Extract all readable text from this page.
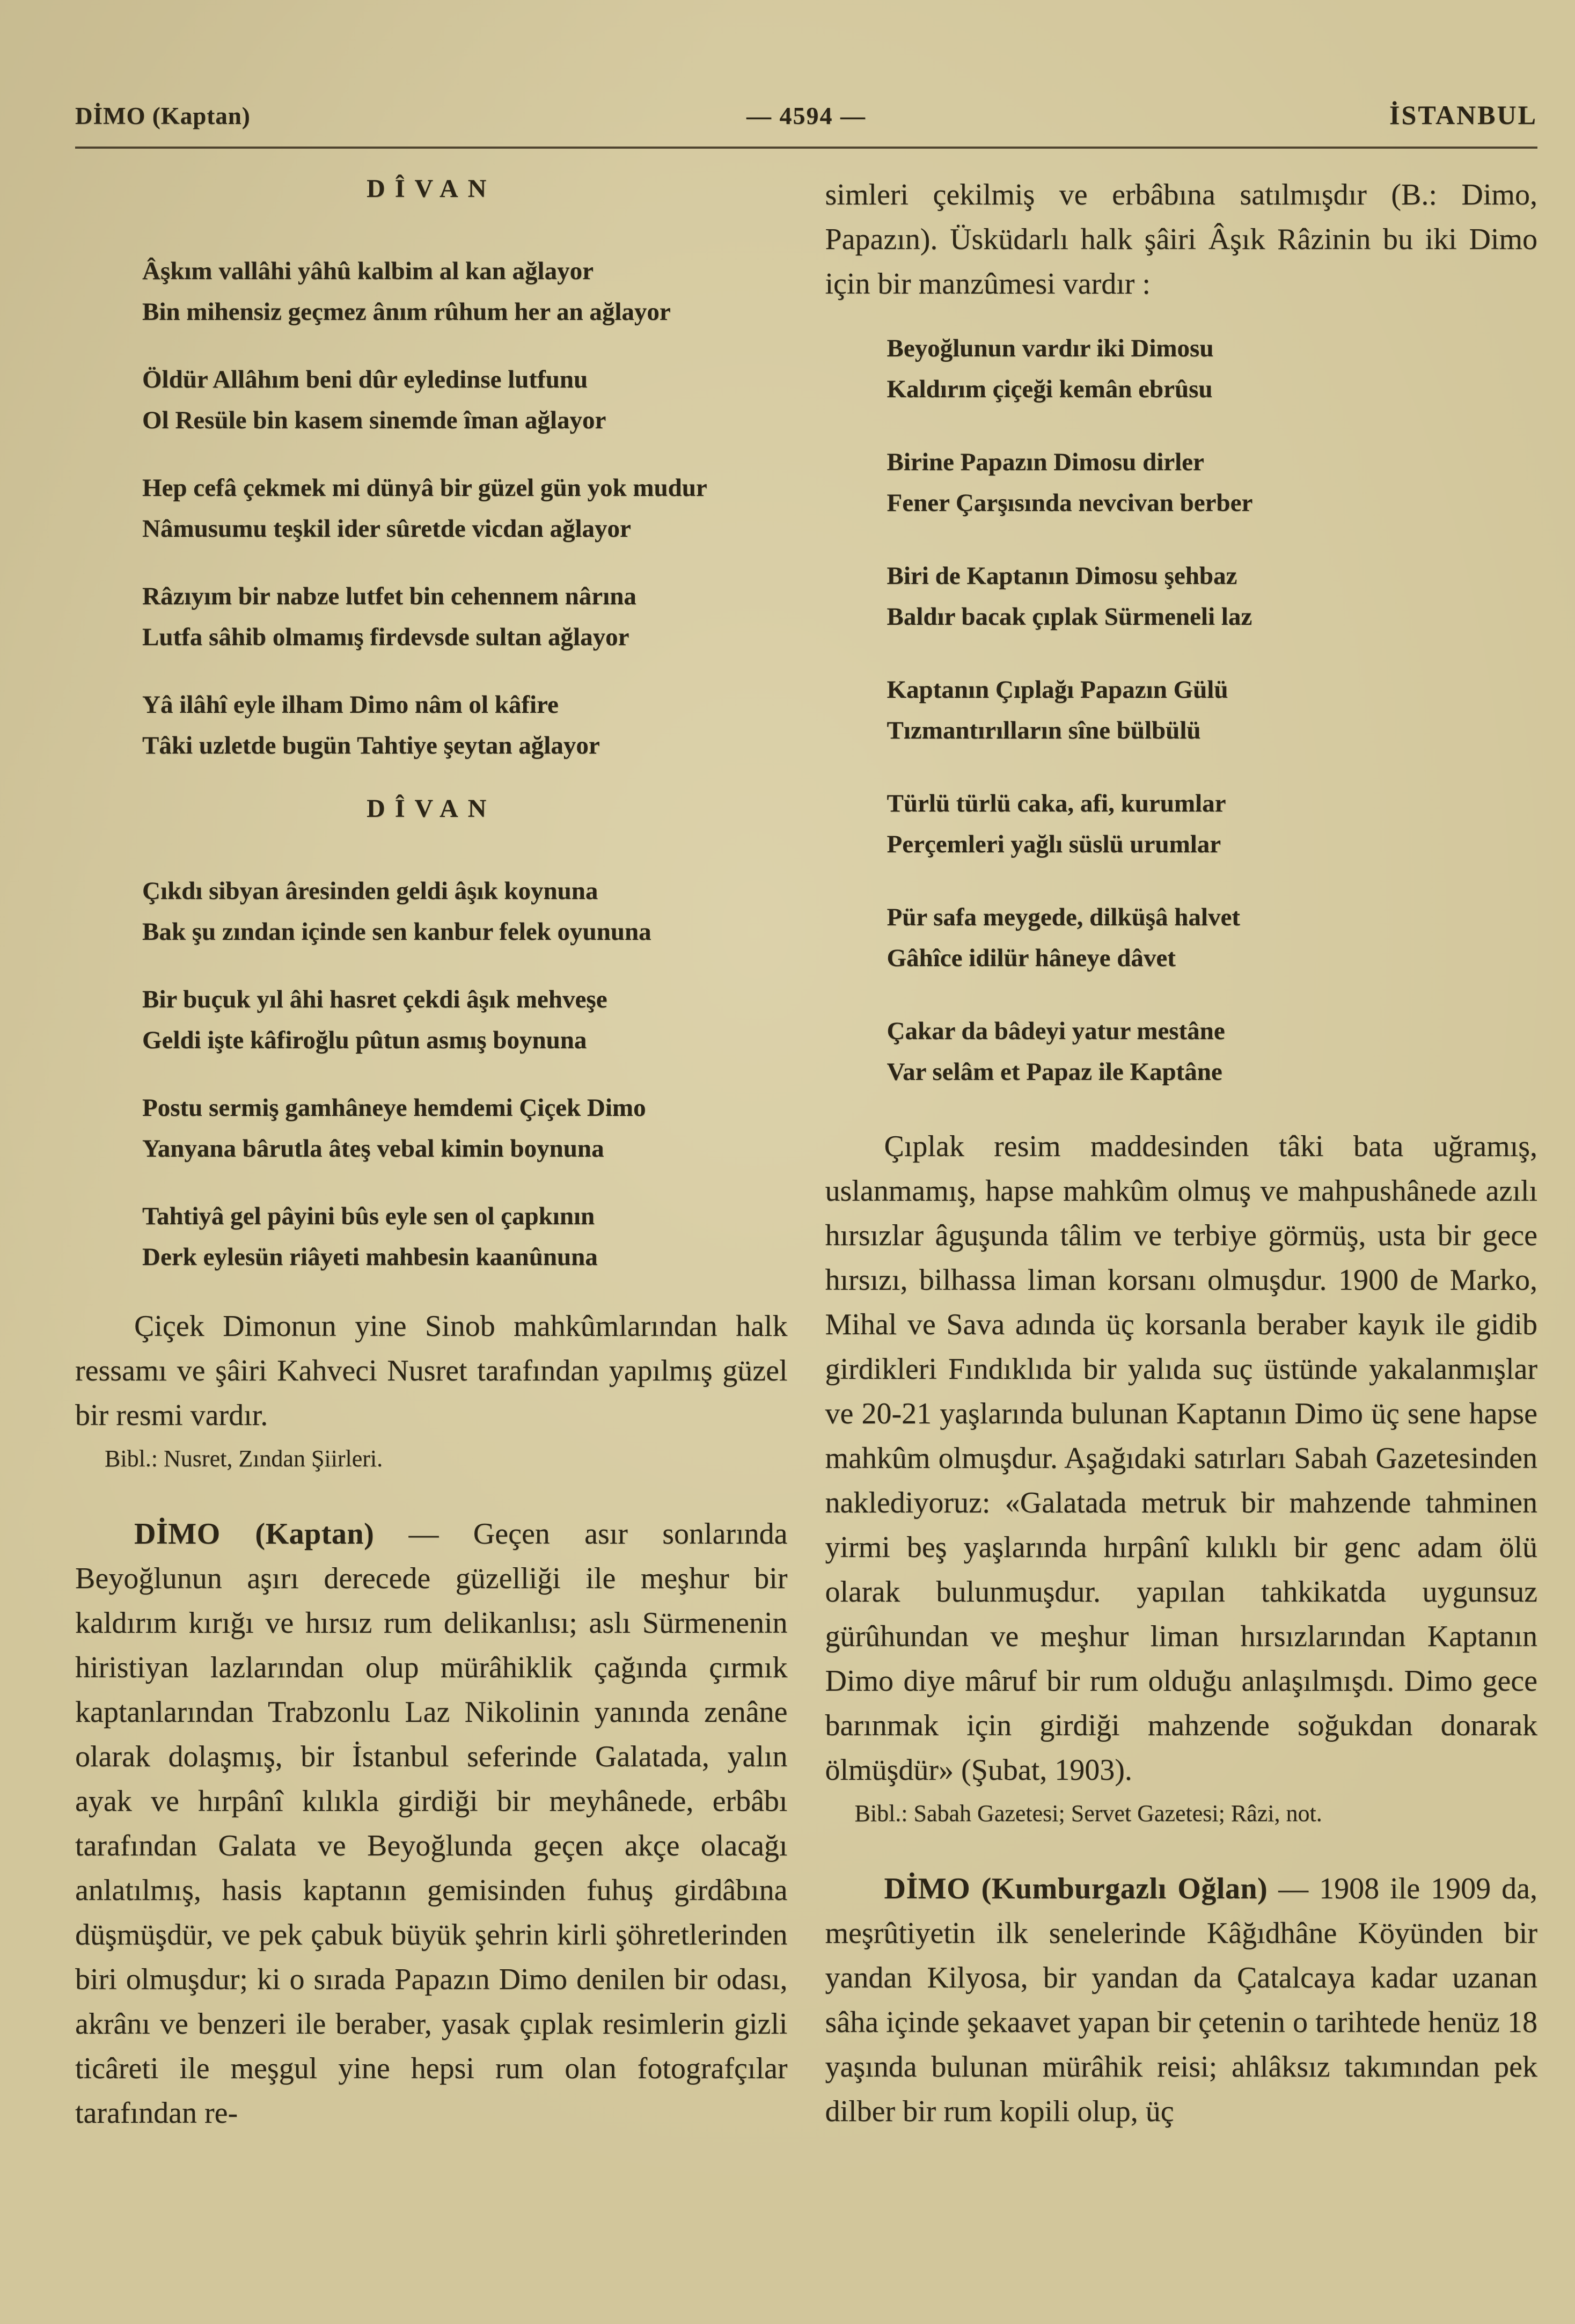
DİMO (Kaptan)	— 4594 —	İSTANBUL
DÎVAN

Âşkım vallâhi yâhû kalbim al kan ağlayor

Bin mihensiz geçmez ânım rûhum her an ağlayor

Öldür Allâhım beni dûr eyledinse lutfunu

Ol Resüle bin kasem sinemde îman ağlayor

Hep cefâ çekmek mi dünyâ bir güzel gün yok mudur

Nâmusumu teşkil ider sûretde vicdan ağlayor

Râzıyım bir nabze lutfet bin cehennem nârına

Lutfa sâhib olmamış firdevsde sultan ağlayor

Yâ ilâhî eyle ilham Dimo nâm ol kâfire

Tâki uzletde bugün Tahtiye şeytan ağlayor

DÎVAN

Çıkdı sibyan âresinden geldi âşık koynuna

Bak şu zından içinde sen kanbur felek oyununa

Bir buçuk yıl âhi hasret çekdi âşık mehveşe

Geldi işte kâfiroğlu pûtun asmış boynuna

Postu sermiş gamhâneye hemdemi Çiçek Dimo

Yanyana bârutla âteş vebal kimin boynuna

Tahtiyâ gel pâyini bûs eyle sen ol çapkının

Derk eylesün riâyeti mahbesin kaanûnuna

Çiçek Dimonun yine Sinob mahkûmlarından halk ressamı ve şâiri Kahveci Nusret tarafından yapılmış güzel bir resmi vardır.

Bibl.: Nusret, Zından Şiirleri.

DİMO (Kaptan) — Geçen asır sonlarında Beyoğlunun aşırı derecede güzelliği ile meşhur bir kaldırım kırığı ve hırsız rum delikanlısı; aslı Sürmenenin hiristiyan lazlarından olup mürâhiklik çağında çırmık kaptanlarından Trabzonlu Laz Nikolinin yanında zenâne olarak dolaşmış, bir İstanbul seferinde Galatada, yalın ayak ve hırpânî kılıkla girdiği bir meyhânede, erbâbı tarafından Galata ve Beyoğlunda geçen akçe olacağı anlatılmış, hasis kaptanın gemisinden fuhuş girdâbına düşmüşdür, ve pek çabuk büyük şehrin kirli şöhretlerinden biri olmuşdur; ki o sırada Papazın Dimo denilen bir odası, akrânı ve benzeri ile beraber, yasak çıplak resimlerin gizli ticâreti ile meşgul yine hepsi rum olan fotografçılar tarafından re-

simleri çekilmiş ve erbâbına satılmışdır (B.: Dimo, Papazın). Üsküdarlı halk şâiri Âşık Râzinin bu iki Dimo için bir manzûmesi vardır :

Beyoğlunun vardır iki Dimosu

Kaldırım çiçeği kemân ebrûsu

Birine Papazın Dimosu dirler

Fener Çarşısında nevcivan berber

Biri de Kaptanın Dimosu şehbaz

Baldır bacak çıplak Sürmeneli laz

Kaptanın Çıplağı Papazın Gülü

Tızmantırılların sîne bülbülü

Türlü türlü caka, afi, kurumlar

Perçemleri yağlı süslü urumlar

Pür safa meygede, dilküşâ halvet

Gâhîce idilür hâneye dâvet

Çakar da bâdeyi yatur mestâne

Var selâm et Papaz ile Kaptâne

Çıplak resim maddesinden tâki bata uğramış, uslanmamış, hapse mahkûm olmuş ve mahpushânede azılı hırsızlar âguşunda tâlim ve terbiye görmüş, usta bir gece hırsızı, bilhassa liman korsanı olmuşdur. 1900 de Marko, Mihal ve Sava adında üç korsanla beraber kayık ile gidib girdikleri Fındıklıda bir yalıda suç üstünde yakalanmışlar ve 20-21 yaşlarında bulunan Kaptanın Dimo üç sene hapse mahkûm olmuşdur. Aşağıdaki satırları Sabah Gazetesinden naklediyoruz: «Galatada metruk bir mahzende tahminen yirmi beş yaşlarında hırpânî kılıklı bir genc adam ölü olarak bulunmuşdur. yapılan tahkikatda uygunsuz gürûhundan ve meşhur liman hırsızlarından Kaptanın Dimo diye mâruf bir rum olduğu anlaşılmışdı. Dimo gece barınmak için girdiği mahzende soğukdan donarak ölmüşdür» (Şubat, 1903).

Bibl.: Sabah Gazetesi; Servet Gazetesi; Râzi, not.

DİMO (Kumburgazlı Oğlan) — 1908 ile 1909 da, meşrûtiyetin ilk senelerinde Kâğıdhâne Köyünden bir yandan Kilyosa, bir yandan da Çatalcaya kadar uzanan sâha içinde şekaavet yapan bir çetenin o tarihtede henüz 18 yaşında bulunan mürâhik reisi; ahlâksız takımından pek dilber bir rum kopili olup, üç
